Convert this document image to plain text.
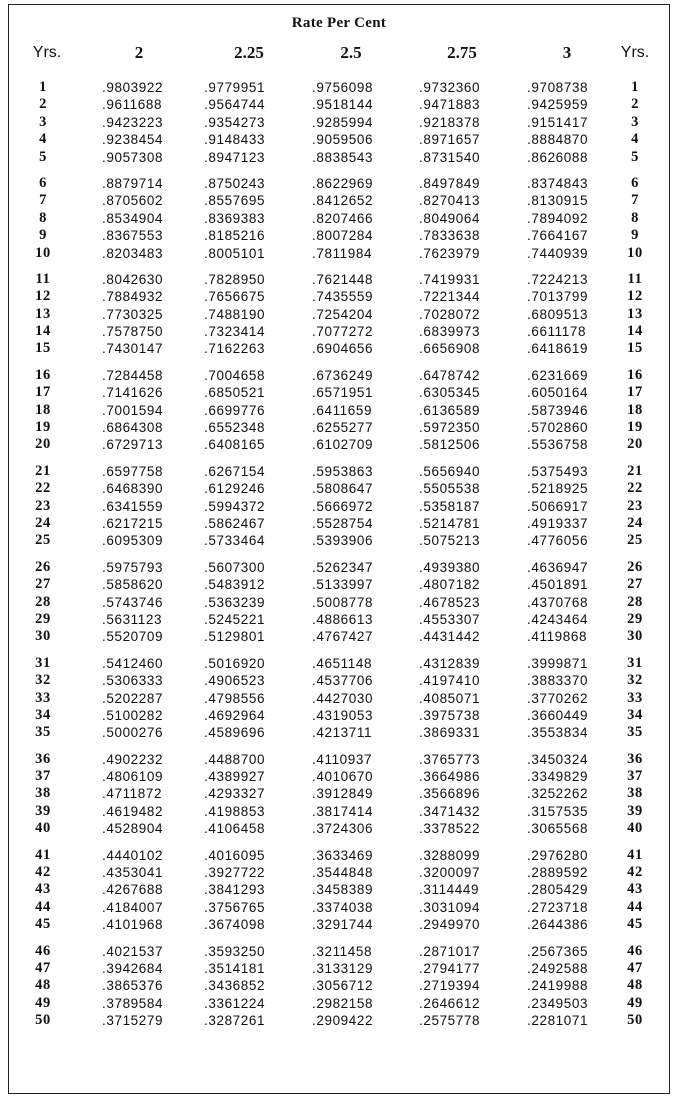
Rate Per Cent
Yrs.	2	2.25	2.5	2.75	3	Yrs.
1	.9803922	.9779951	.9756098	.9732360	.9708738	1
2	.9611688	.9564744	.9518144	.9471883	.9425959	2
3	.9423223	.9354273	.9285994	.9218378	.9151417	3
4	.9238454	.9148433	.9059506	.8971657	.8884870	4
5	.9057308	.8947123	.8838543	.8731540	.8626088	5
6	.8879714	.8750243	.8622969	.8497849	.8374843	6
7	.8705602	.8557695	.8412652	.8270413	.8130915	7
8	.8534904	.8369383	.8207466	.8049064	.7894092	8
9	.8367553	.8185216	.8007284	.7833638	.7664167	9
10	.8203483	.8005101	.7811984	.7623979	.7440939	10
11	.8042630	.7828950	.7621448	.7419931	.7224213	11
12	.7884932	.7656675	.7435559	.7221344	.7013799	12
13	.7730325	.7488190	.7254204	.7028072	.6809513	13
14	.7578750	.7323414	.7077272	.6839973	.6611178	14
15	.7430147	.7162263	.6904656	.6656908	.6418619	15
16	.7284458	.7004658	.6736249	.6478742	.6231669	16
17	.7141626	.6850521	.6571951	.6305345	.6050164	17
18	.7001594	.6699776	.6411659	.6136589	.5873946	18
19	.6864308	.6552348	.6255277	.5972350	.5702860	19
20	.6729713	.6408165	.6102709	.5812506	.5536758	20
21	.6597758	.6267154	.5953863	.5656940	.5375493	21
22	.6468390	.6129246	.5808647	.5505538	.5218925	22
23	.6341559	.5994372	.5666972	.5358187	.5066917	23
24	.6217215	.5862467	.5528754	.5214781	.4919337	24
25	.6095309	.5733464	.5393906	.5075213	.4776056	25
26	.5975793	.5607300	.5262347	.4939380	.4636947	26
27	.5858620	.5483912	.5133997	.4807182	.4501891	27
28	.5743746	.5363239	.5008778	.4678523	.4370768	28
29	.5631123	.5245221	.4886613	.4553307	.4243464	29
30	.5520709	.5129801	.4767427	.4431442	.4119868	30
31	.5412460	.5016920	.4651148	.4312839	.3999871	31
32	.5306333	.4906523	.4537706	.4197410	.3883370	32
33	.5202287	.4798556	.4427030	.4085071	.3770262	33
34	.5100282	.4692964	.4319053	.3975738	.3660449	34
35	.5000276	.4589696	.4213711	.3869331	.3553834	35
36	.4902232	.4488700	.4110937	.3765773	.3450324	36
37	.4806109	.4389927	.4010670	.3664986	.3349829	37
38	.4711872	.4293327	.3912849	.3566896	.3252262	38
39	.4619482	.4198853	.3817414	.3471432	.3157535	39
40	.4528904	.4106458	.3724306	.3378522	.3065568	40
41	.4440102	.4016095	.3633469	.3288099	.2976280	41
42	.4353041	.3927722	.3544848	.3200097	.2889592	42
43	.4267688	.3841293	.3458389	.3114449	.2805429	43
44	.4184007	.3756765	.3374038	.3031094	.2723718	44
45	.4101968	.3674098	.3291744	.2949970	.2644386	45
46	.4021537	.3593250	.3211458	.2871017	.2567365	46
47	.3942684	.3514181	.3133129	.2794177	.2492588	47
48	.3865376	.3436852	.3056712	.2719394	.2419988	48
49	.3789584	.3361224	.2982158	.2646612	.2349503	49
50	.3715279	.3287261	.2909422	.2575778	.2281071	50
